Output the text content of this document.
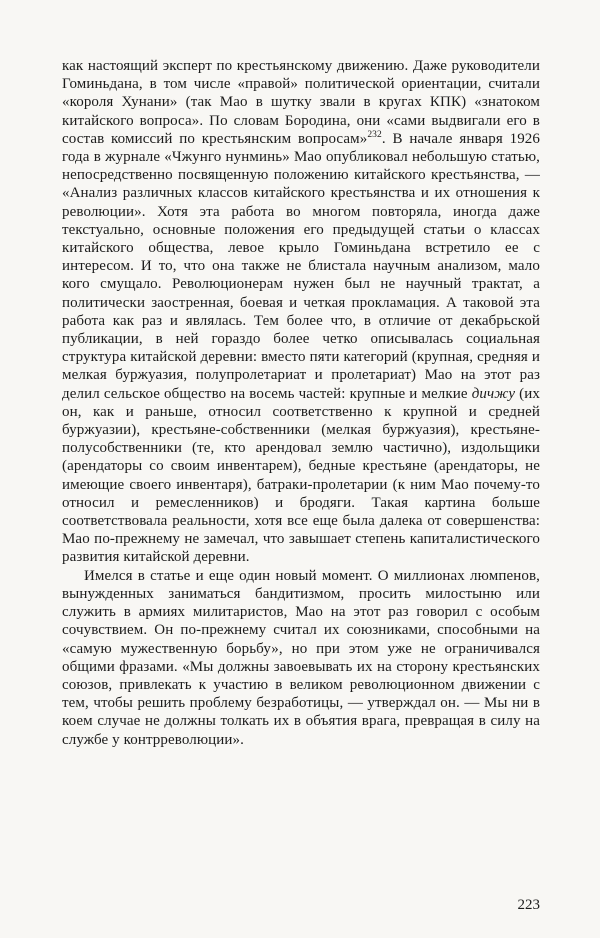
как настоящий эксперт по крестьянскому движению. Даже руководители Гоминьдана, в том числе «правой» политической ориентации, считали «короля Хунани» (так Мао в шутку звали в кругах КПК) «знатоком китайского вопроса». По словам Бородина, они «сами выдвигали его в состав комиссий по крестьянским вопросам»$^{232}$. В начале января 1926 года в журнале «Чжунго нунминь» Мао опубликовал небольшую статью, непосредственно посвященную положению китайского крестьянства, — «Анализ различных классов китайского крестьянства и их отношения к революции». Хотя эта работа во многом повторяла, иногда даже текстуально, основные положения его предыдущей статьи о классах китайского общества, левое крыло Гоминьдана встретило ее с интересом. И то, что она также не блистала научным анализом, мало кого смущало. Революционерам нужен был не научный трактат, а политически заостренная, боевая и четкая прокламация. А таковой эта работа как раз и являлась. Тем более что, в отличие от декабрьской публикации, в ней гораздо более четко описывалась социальная структура китайской деревни: вместо пяти категорий (крупная, средняя и мелкая буржуазия, полупролетариат и пролетариат) Мао на этот раз делил сельское общество на восемь частей: крупные и мелкие дичжу (их он, как и раньше, относил соответственно к крупной и средней буржуазии), крестьяне-собственники (мелкая буржуазия), крестьяне-полусобственники (те, кто арендовал землю частично), издольщики (арендаторы со своим инвентарем), бедные крестьяне (арендаторы, не имеющие своего инвентаря), батраки-пролетарии (к ним Мао почему-то относил и ремесленников) и бродяги. Такая картина больше соответствовала реальности, хотя все еще была далека от совершенства: Мао по-прежнему не замечал, что завышает степень капиталистического развития китайской деревни.

Имелся в статье и еще один новый момент. О миллионах люмпенов, вынужденных заниматься бандитизмом, просить милостыню или служить в армиях милитаристов, Мао на этот раз говорил с особым сочувствием. Он по-прежнему считал их союзниками, способными на «самую мужественную борьбу», но при этом уже не ограничивался общими фразами. «Мы должны завоевывать их на сторону крестьянских союзов, привлекать к участию в великом революционном движении с тем, чтобы решить проблему безработицы, — утверждал он. — Мы ни в коем случае не должны толкать их в объятия врага, превращая в силу на службе у контрреволюции».

223
